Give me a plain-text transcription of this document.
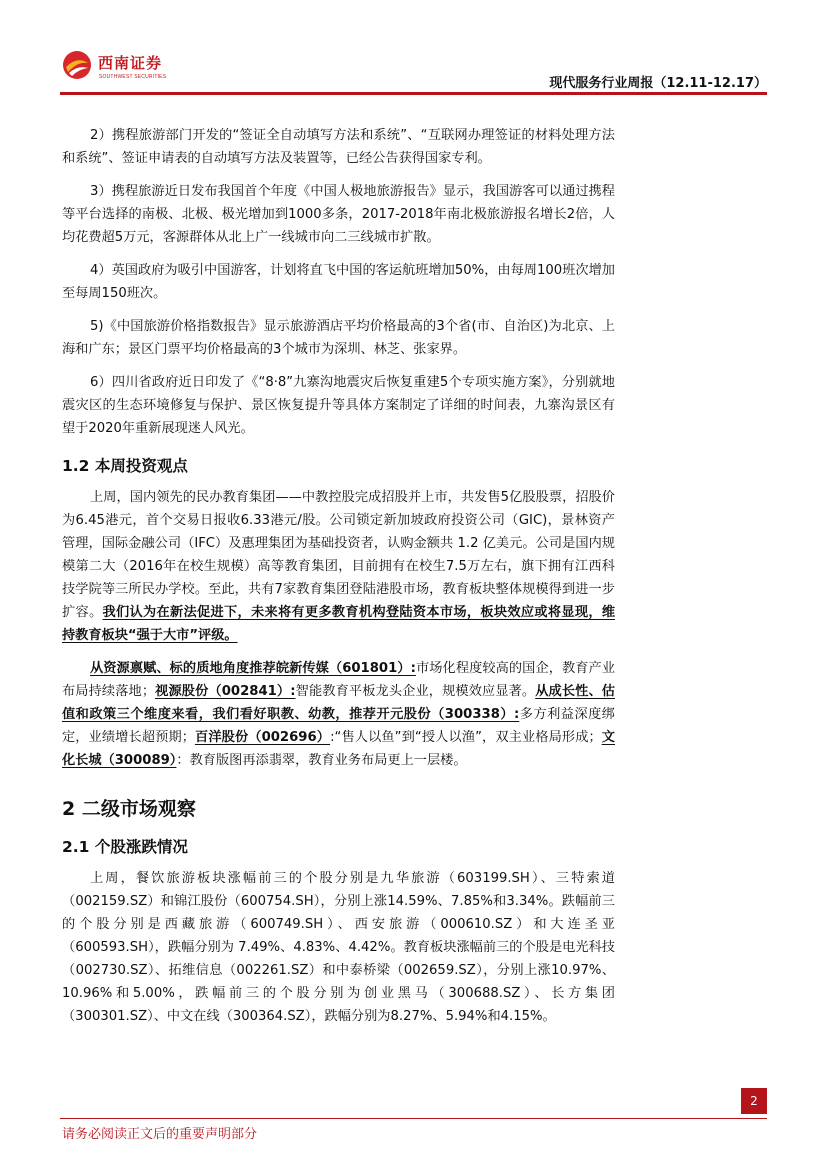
西南证券
SOUTHWEST SECURITIES	现代服务行业周报（12.11-12.17）

2）携程旅游部门开发的“签证全自动填写方法和系统”、“互联网办理签证的材料处理方法和系统”、签证申请表的自动填写方法及装置等，已经公告获得国家专利。

3）携程旅游近日发布我国首个年度《中国人极地旅游报告》显示，我国游客可以通过携程等平台选择的南极、北极、极光增加到1000多条，2017-2018年南北极旅游报名增长2倍，人均花费超5万元，客源群体从北上广一线城市向二三线城市扩散。

4）英国政府为吸引中国游客，计划将直飞中国的客运航班增加50%，由每周100班次增加至每周150班次。

5)《中国旅游价格指数报告》显示旅游酒店平均价格最高的3个省(市、自治区)为北京、上海和广东；景区门票平均价格最高的3个城市为深圳、林芝、张家界。

6）四川省政府近日印发了《“8·8”九寨沟地震灾后恢复重建5个专项实施方案》，分别就地震灾区的生态环境修复与保护、景区恢复提升等具体方案制定了详细的时间表，九寨沟景区有望于2020年重新展现迷人风光。

1.2 本周投资观点

上周，国内领先的民办教育集团——中教控股完成招股并上市，共发售5亿股股票，招股价为6.45港元，首个交易日报收6.33港元/股。公司锁定新加坡政府投资公司（GIC)，景林资产管理，国际金融公司（IFC）及惠理集团为基础投资者，认购金额共 1.2 亿美元。公司是国内规模第二大（2016年在校生规模）高等教育集团，目前拥有在校生7.5万左右，旗下拥有江西科技学院等三所民办学校。至此，共有7家教育集团登陆港股市场，教育板块整体规模得到进一步扩容。我们认为在新法促进下，未来将有更多教育机构登陆资本市场，板块效应或将显现，维持教育板块“强于大市”评级。

从资源禀赋、标的质地角度推荐皖新传媒（601801）:市场化程度较高的国企，教育产业布局持续落地；视源股份（002841）:智能教育平板龙头企业，规模效应显著。从成长性、估值和政策三个维度来看，我们看好职教、幼教，推荐开元股份（300338）:多方利益深度绑定，业绩增长超预期；百洋股份（002696）:“售人以鱼”到“授人以渔”，双主业格局形成；文化长城（300089）：教育版图再添翡翠，教育业务布局更上一层楼。

2 二级市场观察
2.1 个股涨跌情况

上周，餐饮旅游板块涨幅前三的个股分别是九华旅游（603199.SH）、三特索道（002159.SZ）和锦江股份（600754.SH），分别上涨14.59%、7.85%和3.34%。跌幅前三的个股分别是西藏旅游（600749.SH）、西安旅游（000610.SZ）和大连圣亚（600593.SH），跌幅分别为 7.49%、4.83%、4.42%。教育板块涨幅前三的个股是电光科技（002730.SZ）、拓维信息（002261.SZ）和中泰桥梁（002659.SZ），分别上涨10.97%、10.96%和5.00%，跌幅前三的个股分别为创业黑马（300688.SZ）、长方集团（300301.SZ）、中文在线（300364.SZ），跌幅分别为8.27%、5.94%和4.15%。

2
请务必阅读正文后的重要声明部分
